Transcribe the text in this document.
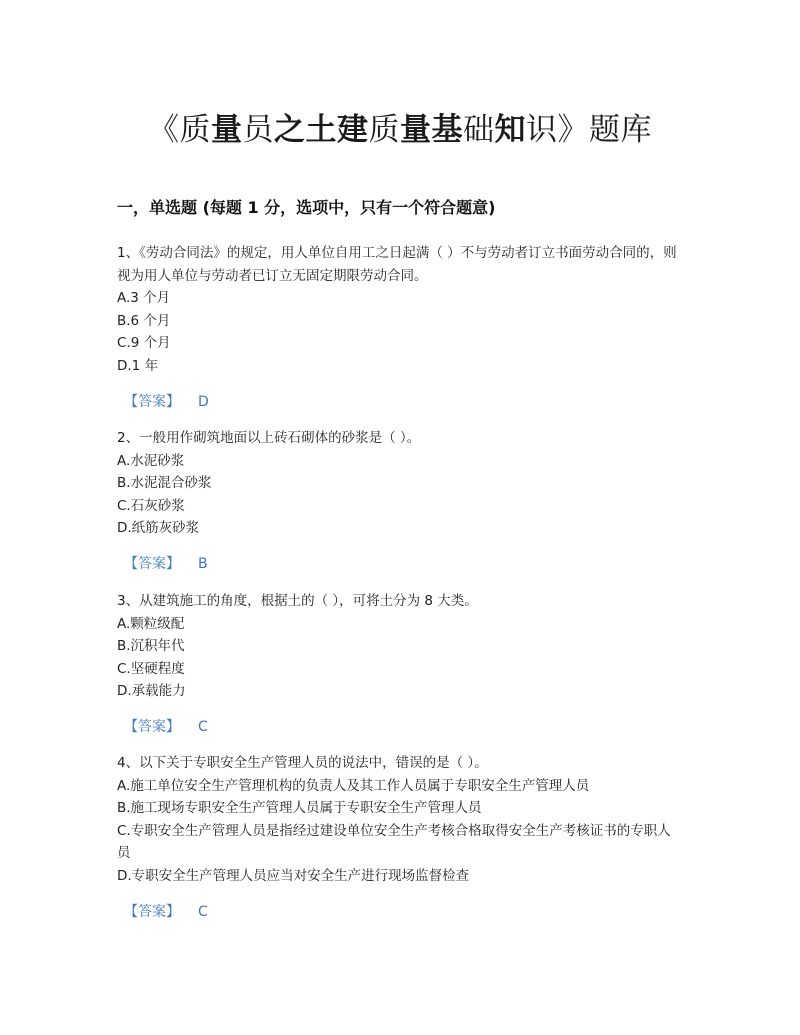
《质量员之土建质量基础知识》题库
一，单选题 (每题 1 分，选项中，只有一个符合题意)
1、《劳动合同法》的规定，用人单位自用工之日起满（ ）不与劳动者订立书面劳动合同的，则视为用人单位与劳动者已订立无固定期限劳动合同。
A.3 个月
B.6 个月
C.9 个月
D.1 年
【答案】 D
2、一般用作砌筑地面以上砖石砌体的砂浆是（ ）。
A.水泥砂浆
B.水泥混合砂浆
C.石灰砂浆
D.纸筋灰砂浆
【答案】 B
3、从建筑施工的角度，根据土的（ ），可将土分为 8 大类。
A.颗粒级配
B.沉积年代
C.坚硬程度
D.承载能力
【答案】 C
4、以下关于专职安全生产管理人员的说法中，错误的是（ ）。
A.施工单位安全生产管理机构的负责人及其工作人员属于专职安全生产管理人员
B.施工现场专职安全生产管理人员属于专职安全生产管理人员
C.专职安全生产管理人员是指经过建设单位安全生产考核合格取得安全生产考核证书的专职人员
D.专职安全生产管理人员应当对安全生产进行现场监督检查
【答案】 C
